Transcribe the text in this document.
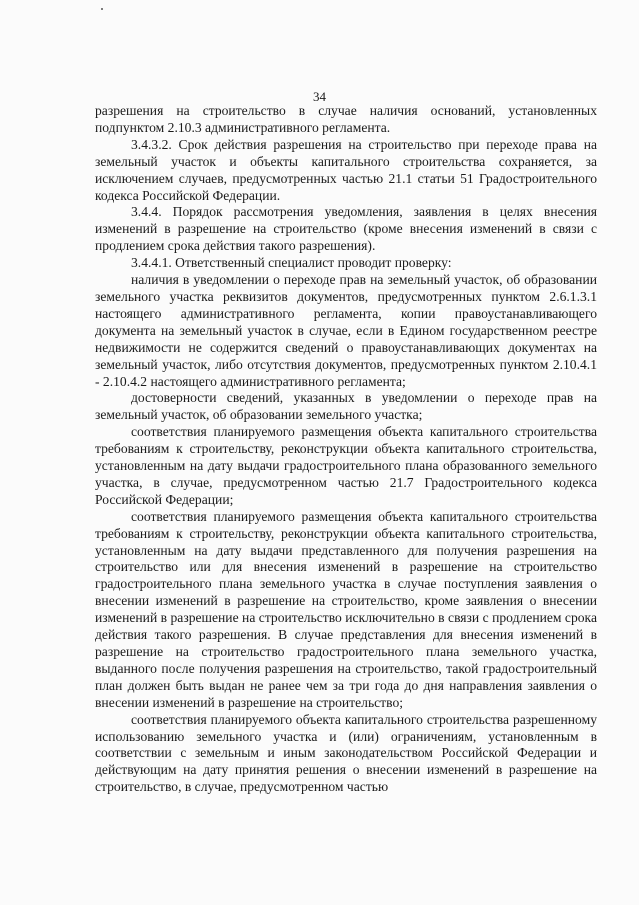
34

разрешения на строительство в случае наличия оснований, установленных подпунктом 2.10.3 административного регламента.

3.4.3.2. Срок действия разрешения на строительство при переходе права на земельный участок и объекты капитального строительства сохраняется, за исключением случаев, предусмотренных частью 21.1 статьи 51 Градостроительного кодекса Российской Федерации.

3.4.4. Порядок рассмотрения уведомления, заявления в целях внесения изменений в разрешение на строительство (кроме внесения изменений в связи с продлением срока действия такого разрешения).

3.4.4.1. Ответственный специалист проводит проверку:

наличия в уведомлении о переходе прав на земельный участок, об образовании земельного участка реквизитов документов, предусмотренных пунктом 2.6.1.3.1 настоящего административного регламента, копии правоустанавливающего документа на земельный участок в случае, если в Едином государственном реестре недвижимости не содержится сведений о правоустанавливающих документах на земельный участок, либо отсутствия документов, предусмотренных пунктом 2.10.4.1 - 2.10.4.2 настоящего административного регламента;

достоверности сведений, указанных в уведомлении о переходе прав на земельный участок, об образовании земельного участка;

соответствия планируемого размещения объекта капитального строительства требованиям к строительству, реконструкции объекта капитального строительства, установленным на дату выдачи градостроительного плана образованного земельного участка, в случае, предусмотренном частью 21.7 Градостроительного кодекса Российской Федерации;

соответствия планируемого размещения объекта капитального строительства требованиям к строительству, реконструкции объекта капитального строительства, установленным на дату выдачи представленного для получения разрешения на строительство или для внесения изменений в разрешение на строительство градостроительного плана земельного участка в случае поступления заявления о внесении изменений в разрешение на строительство, кроме заявления о внесении изменений в разрешение на строительство исключительно в связи с продлением срока действия такого разрешения. В случае представления для внесения изменений в разрешение на строительство градостроительного плана земельного участка, выданного после получения разрешения на строительство, такой градостроительный план должен быть выдан не ранее чем за три года до дня направления заявления о внесении изменений в разрешение на строительство;

соответствия планируемого объекта капитального строительства разрешенному использованию земельного участка и (или) ограничениям, установленным в соответствии с земельным и иным законодательством Российской Федерации и действующим на дату принятия решения о внесении изменений в разрешение на строительство, в случае, предусмотренном частью
